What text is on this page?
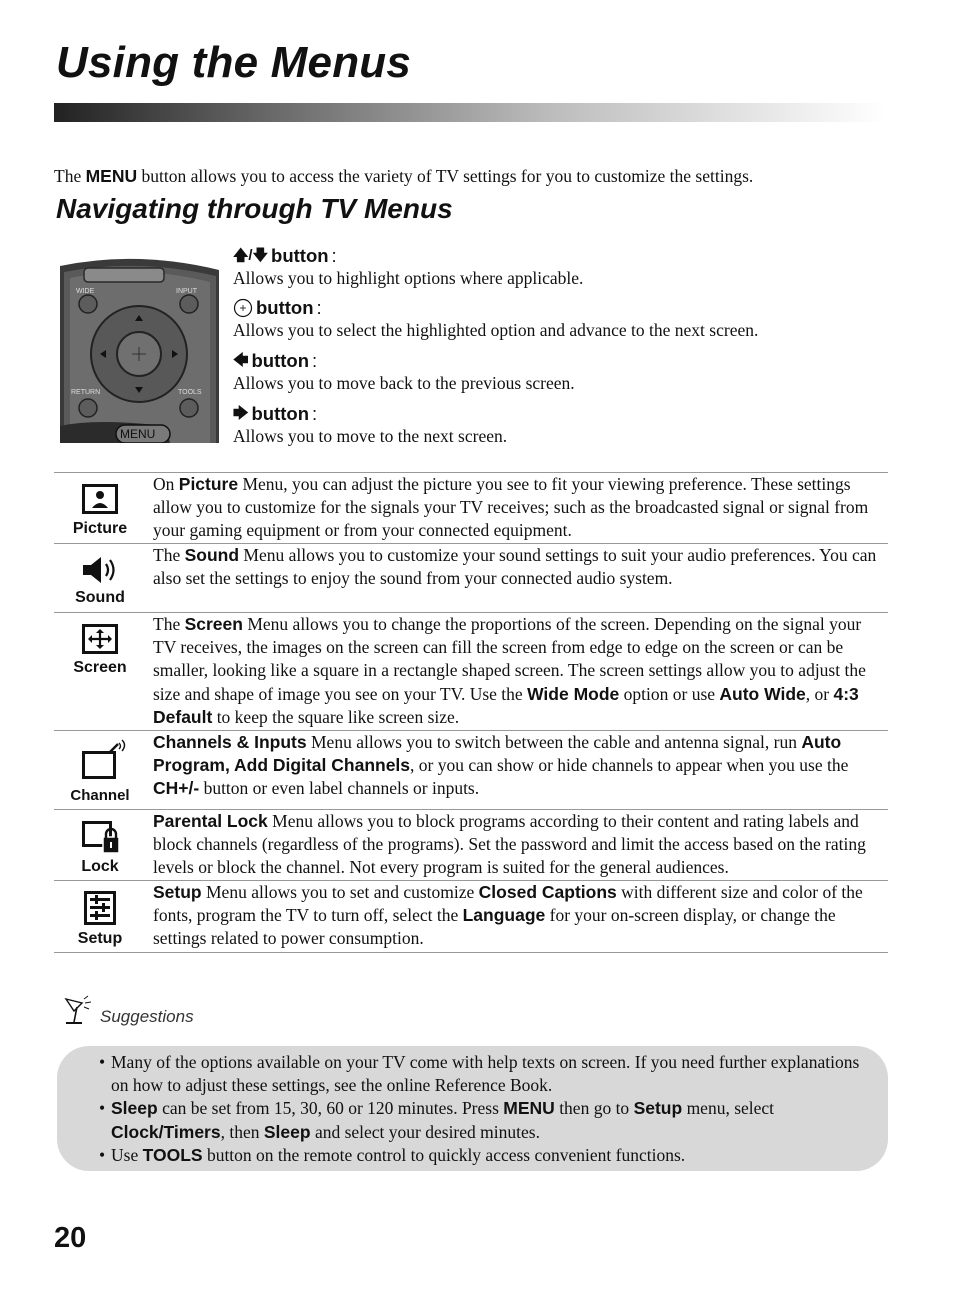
Using the Menus

The MENU button allows you to access the variety of TV settings for you to customize the settings.

Navigating through TV Menus
WIDE	INPUT
RETURN	TOOLS
MENU
🡅/🡇 button :
Allows you to highlight options where applicable.
button :
Allows you to select the highlighted option and advance to the next screen.
🡄 button :
Allows you to move back to the previous screen.
🡆 button :
Allows you to move to the next screen.
Picture
On Picture Menu, you can adjust the picture you see to fit your viewing preference. These settings allow you to customize for the signals your TV receives; such as the broadcasted signal or signal from your gaming equipment or from your connected equipment.
Sound
The Sound Menu allows you to customize your sound settings to suit your audio preferences. You can also set the settings to enjoy the sound from your connected audio system.
Screen
The Screen Menu allows you to change the proportions of the screen. Depending on the signal your TV receives, the images on the screen can fill the screen from edge to edge on the screen or can be smaller, looking like a square in a rectangle shaped screen. The screen settings allow you to adjust the size and shape of image you see on your TV. Use the Wide Mode option or use Auto Wide, or 4:3 Default to keep the square like screen size.
Channel
Channels & Inputs Menu allows you to switch between the cable and antenna signal, run Auto Program, Add Digital Channels, or you can show or hide channels to appear when you use the CH+/- button or even label channels or inputs.
Lock
Parental Lock Menu allows you to block programs according to their content and rating labels and block channels (regardless of the programs). Set the password and limit the access based on the rating levels or block the channel. Not every program is suited for the general audiences.
Setup
Setup Menu allows you to set and customize Closed Captions with different size and color of the fonts, program the TV to turn off, select the Language for your on-screen display, or change the settings related to power consumption.
Suggestions
• Many of the options available on your TV come with help texts on screen. If you need further explanations on how to adjust these settings, see the online Reference Book.
• Sleep can be set from 15, 30, 60 or 120 minutes. Press MENU then go to Setup menu, select Clock/Timers, then Sleep and select your desired minutes.
• Use TOOLS button on the remote control to quickly access convenient functions.
20
